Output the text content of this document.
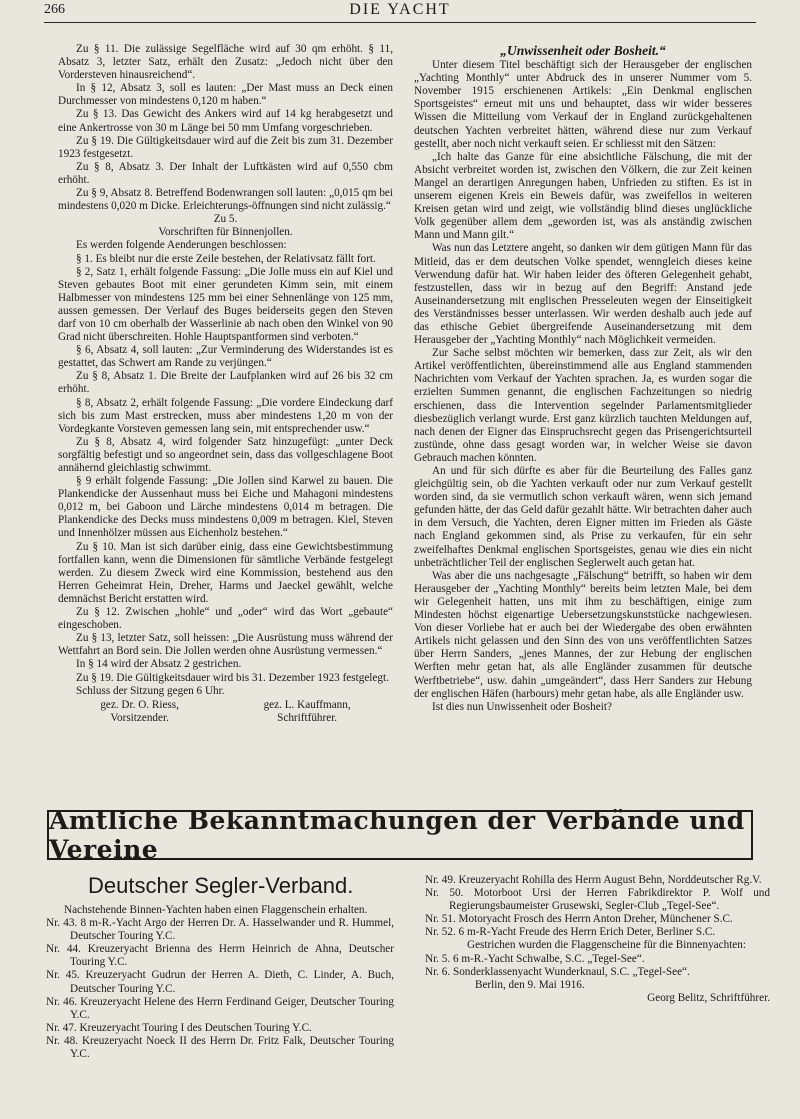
266	DIE YACHT

Zu § 11. Die zulässige Segelfläche wird auf 30 qm erhöht. § 11, Absatz 3, letzter Satz, erhält den Zusatz: „Jedoch nicht über den Vordersteven hinausreichend“.

In § 12, Absatz 3, soll es lauten: „Der Mast muss an Deck einen Durchmesser von mindestens 0,120 m haben.“

Zu § 13. Das Gewicht des Ankers wird auf 14 kg herabgesetzt und eine Ankertrosse von 30 m Länge bei 50 mm Umfang vorgeschrieben.

Zu § 19. Die Gültigkeitsdauer wird auf die Zeit bis zum 31. Dezember 1923 festgesetzt.

Zu § 8, Absatz 3. Der Inhalt der Luftkästen wird auf 0,550 cbm erhöht.

Zu § 9, Absatz 8. Betreffend Bodenwrangen soll lauten: „0,015 qm bei mindestens 0,020 m Dicke. Erleichterungs-öffnungen sind nicht zulässig.“

Zu 5.

Vorschriften für Binnenjollen.

Es werden folgende Aenderungen beschlossen:

§ 1. Es bleibt nur die erste Zeile bestehen, der Relativsatz fällt fort.

§ 2, Satz 1, erhält folgende Fassung: „Die Jolle muss ein auf Kiel und Steven gebautes Boot mit einer gerundeten Kimm sein, mit einem Halbmesser von mindestens 125 mm bei einer Sehnenlänge von 125 mm, aussen gemessen. Der Verlauf des Buges beiderseits gegen den Steven darf von 10 cm oberhalb der Wasserlinie ab nach oben den Winkel von 90 Grad nicht überschreiten. Hohle Hauptspantformen sind verboten.“

§ 6, Absatz 4, soll lauten: „Zur Verminderung des Widerstandes ist es gestattet, das Schwert am Rande zu verjüngen.“

Zu § 8, Absatz 1. Die Breite der Laufplanken wird auf 26 bis 32 cm erhöht.

§ 8, Absatz 2, erhält folgende Fassung: „Die vordere Eindeckung darf sich bis zum Mast erstrecken, muss aber mindestens 1,20 m von der Vordegkante Vorsteven gemessen lang sein, mit entsprechender usw.“

Zu § 8, Absatz 4, wird folgender Satz hinzugefügt: „unter Deck sorgfältig befestigt und so angeordnet sein, dass das vollgeschlagene Boot annähernd gleichlastig schwimmt.

§ 9 erhält folgende Fassung: „Die Jollen sind Karwel zu bauen. Die Plankendicke der Aussenhaut muss bei Eiche und Mahagoni mindestens 0,012 m, bei Gaboon und Lärche mindestens 0,014 m betragen. Die Plankendicke des Decks muss mindestens 0,009 m betragen. Kiel, Steven und Innenhölzer müssen aus Eichenholz bestehen.“

Zu § 10. Man ist sich darüber einig, dass eine Gewichtsbestimmung fortfallen kann, wenn die Dimensionen für sämtliche Verbände festgelegt werden. Zu diesem Zweck wird eine Kommission, bestehend aus den Herren Geheimrat Hein, Dreher, Harms und Jaeckel gewählt, welche demnächst Bericht erstatten wird.

Zu § 12. Zwischen „hohle“ und „oder“ wird das Wort „gebaute“ eingeschoben.

Zu § 13, letzter Satz, soll heissen: „Die Ausrüstung muss während der Wettfahrt an Bord sein. Die Jollen werden ohne Ausrüstung vermessen.“

In § 14 wird der Absatz 2 gestrichen.

Zu § 19. Die Gültigkeitsdauer wird bis 31. Dezember 1923 festgelegt.

Schluss der Sitzung gegen 6 Uhr.

gez. Dr. O. Riess,
Vorsitzender.
gez. L. Kauffmann,
Schriftführer.
„Unwissenheit oder Bosheit.“

Unter diesem Titel beschäftigt sich der Herausgeber der englischen „Yachting Monthly“ unter Abdruck des in unserer Nummer vom 5. November 1915 erschienenen Artikels: „Ein Denkmal englischen Sportsgeistes“ erneut mit uns und behauptet, dass wir wider besseres Wissen die Mitteilung vom Verkauf der in England zurückgehaltenen deutschen Yachten verbreitet hätten, während diese nur zum Verkauf gestellt, aber noch nicht verkauft seien. Er schliesst mit den Sätzen:

„Ich halte das Ganze für eine absichtliche Fälschung, die mit der Absicht verbreitet worden ist, zwischen den Völkern, die zur Zeit keinen Mangel an derartigen Anregungen haben, Unfrieden zu stiften. Es ist in unserem eigenen Kreis ein Beweis dafür, was zweifellos in weiteren Kreisen getan wird und zeigt, wie vollständig blind dieses unglückliche Volk gegenüber allem dem „geworden ist, was als anständig zwischen Mann und Mann gilt.“

Was nun das Letztere angeht, so danken wir dem gütigen Mann für das Mitleid, das er dem deutschen Volke spendet, wenngleich dieses keine Verwendung dafür hat. Wir haben leider des öfteren Gelegenheit gehabt, festzustellen, dass wir in bezug auf den Begriff: Anstand jede Auseinandersetzung mit englischen Presseleuten wegen der Einseitigkeit des Verständnisses besser unterlassen. Wir werden deshalb auch jede auf das ethische Gebiet übergreifende Auseinandersetzung mit dem Herausgeber der „Yachting Monthly“ nach Möglichkeit vermeiden.

Zur Sache selbst möchten wir bemerken, dass zur Zeit, als wir den Artikel veröffentlichten, übereinstimmend alle aus England stammenden Nachrichten vom Verkauf der Yachten sprachen. Ja, es wurden sogar die erzielten Summen genannt, die englischen Fachzeitungen so niedrig erschienen, dass die Intervention segelnder Parlamentsmitglieder diesbezüglich verlangt wurde. Erst ganz kürzlich tauchten Meldungen auf, nach denen der Eigner das Einspruchsrecht gegen das Prisengerichtsurteil zustünde, ohne dass gesagt worden war, in welcher Weise sie davon Gebrauch machen könnten.

An und für sich dürfte es aber für die Beurteilung des Falles ganz gleichgültig sein, ob die Yachten verkauft oder nur zum Verkauf gestellt worden sind, da sie vermutlich schon verkauft wären, wenn sich jemand gefunden hätte, der das Geld dafür gezahlt hätte. Wir betrachten daher auch in dem Versuch, die Yachten, deren Eigner mitten im Frieden als Gäste nach England gekommen sind, als Prise zu verkaufen, für ein sehr zweifelhaftes Denkmal englischen Sportsgeistes, genau wie dies ein nicht unbeträchtlicher Teil der englischen Seglerwelt auch getan hat.

Was aber die uns nachgesagte „Fälschung“ betrifft, so haben wir dem Herausgeber der „Yachting Monthly“ bereits beim letzten Male, bei dem wir Gelegenheit hatten, uns mit ihm zu beschäftigen, einige zum Mindesten höchst eigenartige Uebersetzungskunststücke nachgewiesen. Von dieser Vorliebe hat er auch bei der Wiedergabe des oben erwähnten Artikels nicht gelassen und den Sinn des von uns veröffentlichten Satzes über Herrn Sanders, „jenes Mannes, der zur Hebung der englischen Werften mehr getan hat, als alle Engländer zusammen für deutsche Werftbetriebe“, usw. dahin „umgeändert“, dass Herr Sanders zur Hebung der englischen Häfen (harbours) mehr getan habe, als alle Engländer usw.

Ist dies nun Unwissenheit oder Bosheit?

Amtliche Bekanntmachungen der Verbände und Vereine
Deutscher Segler-Verband.

Nachstehende Binnen-Yachten haben einen Flaggenschein erhalten.

Nr. 43. 8 m-R.-Yacht Argo der Herren Dr. A. Hasselwander und R. Hummel, Deutscher Touring Y.C.

Nr. 44. Kreuzeryacht Brienna des Herrn Heinrich de Ahna, Deutscher Touring Y.C.

Nr. 45. Kreuzeryacht Gudrun der Herren A. Dieth, C. Linder, A. Buch, Deutscher Touring Y.C.

Nr. 46. Kreuzeryacht Helene des Herrn Ferdinand Geiger, Deutscher Touring Y.C.

Nr. 47. Kreuzeryacht Touring I des Deutschen Touring Y.C.

Nr. 48. Kreuzeryacht Noeck II des Herrn Dr. Fritz Falk, Deutscher Touring Y.C.

Nr. 49. Kreuzeryacht Rohilla des Herrn August Behn, Norddeutscher Rg.V.

Nr. 50. Motorboot Ursi der Herren Fabrikdirektor P. Wolf und Regierungsbaumeister Grusewski, Segler-Club „Tegel-See“.

Nr. 51. Motoryacht Frosch des Herrn Anton Dreher, Münchener S.C.

Nr. 52. 6 m-R-Yacht Freude des Herrn Erich Deter, Berliner S.C.

Gestrichen wurden die Flaggenscheine für die Binnenyachten:

Nr. 5. 6 m-R.-Yacht Schwalbe, S.C. „Tegel-See“.

Nr. 6. Sonderklassenyacht Wunderknaul, S.C. „Tegel-See“.

Berlin, den 9. Mai 1916.

Georg Belitz, Schriftführer.
